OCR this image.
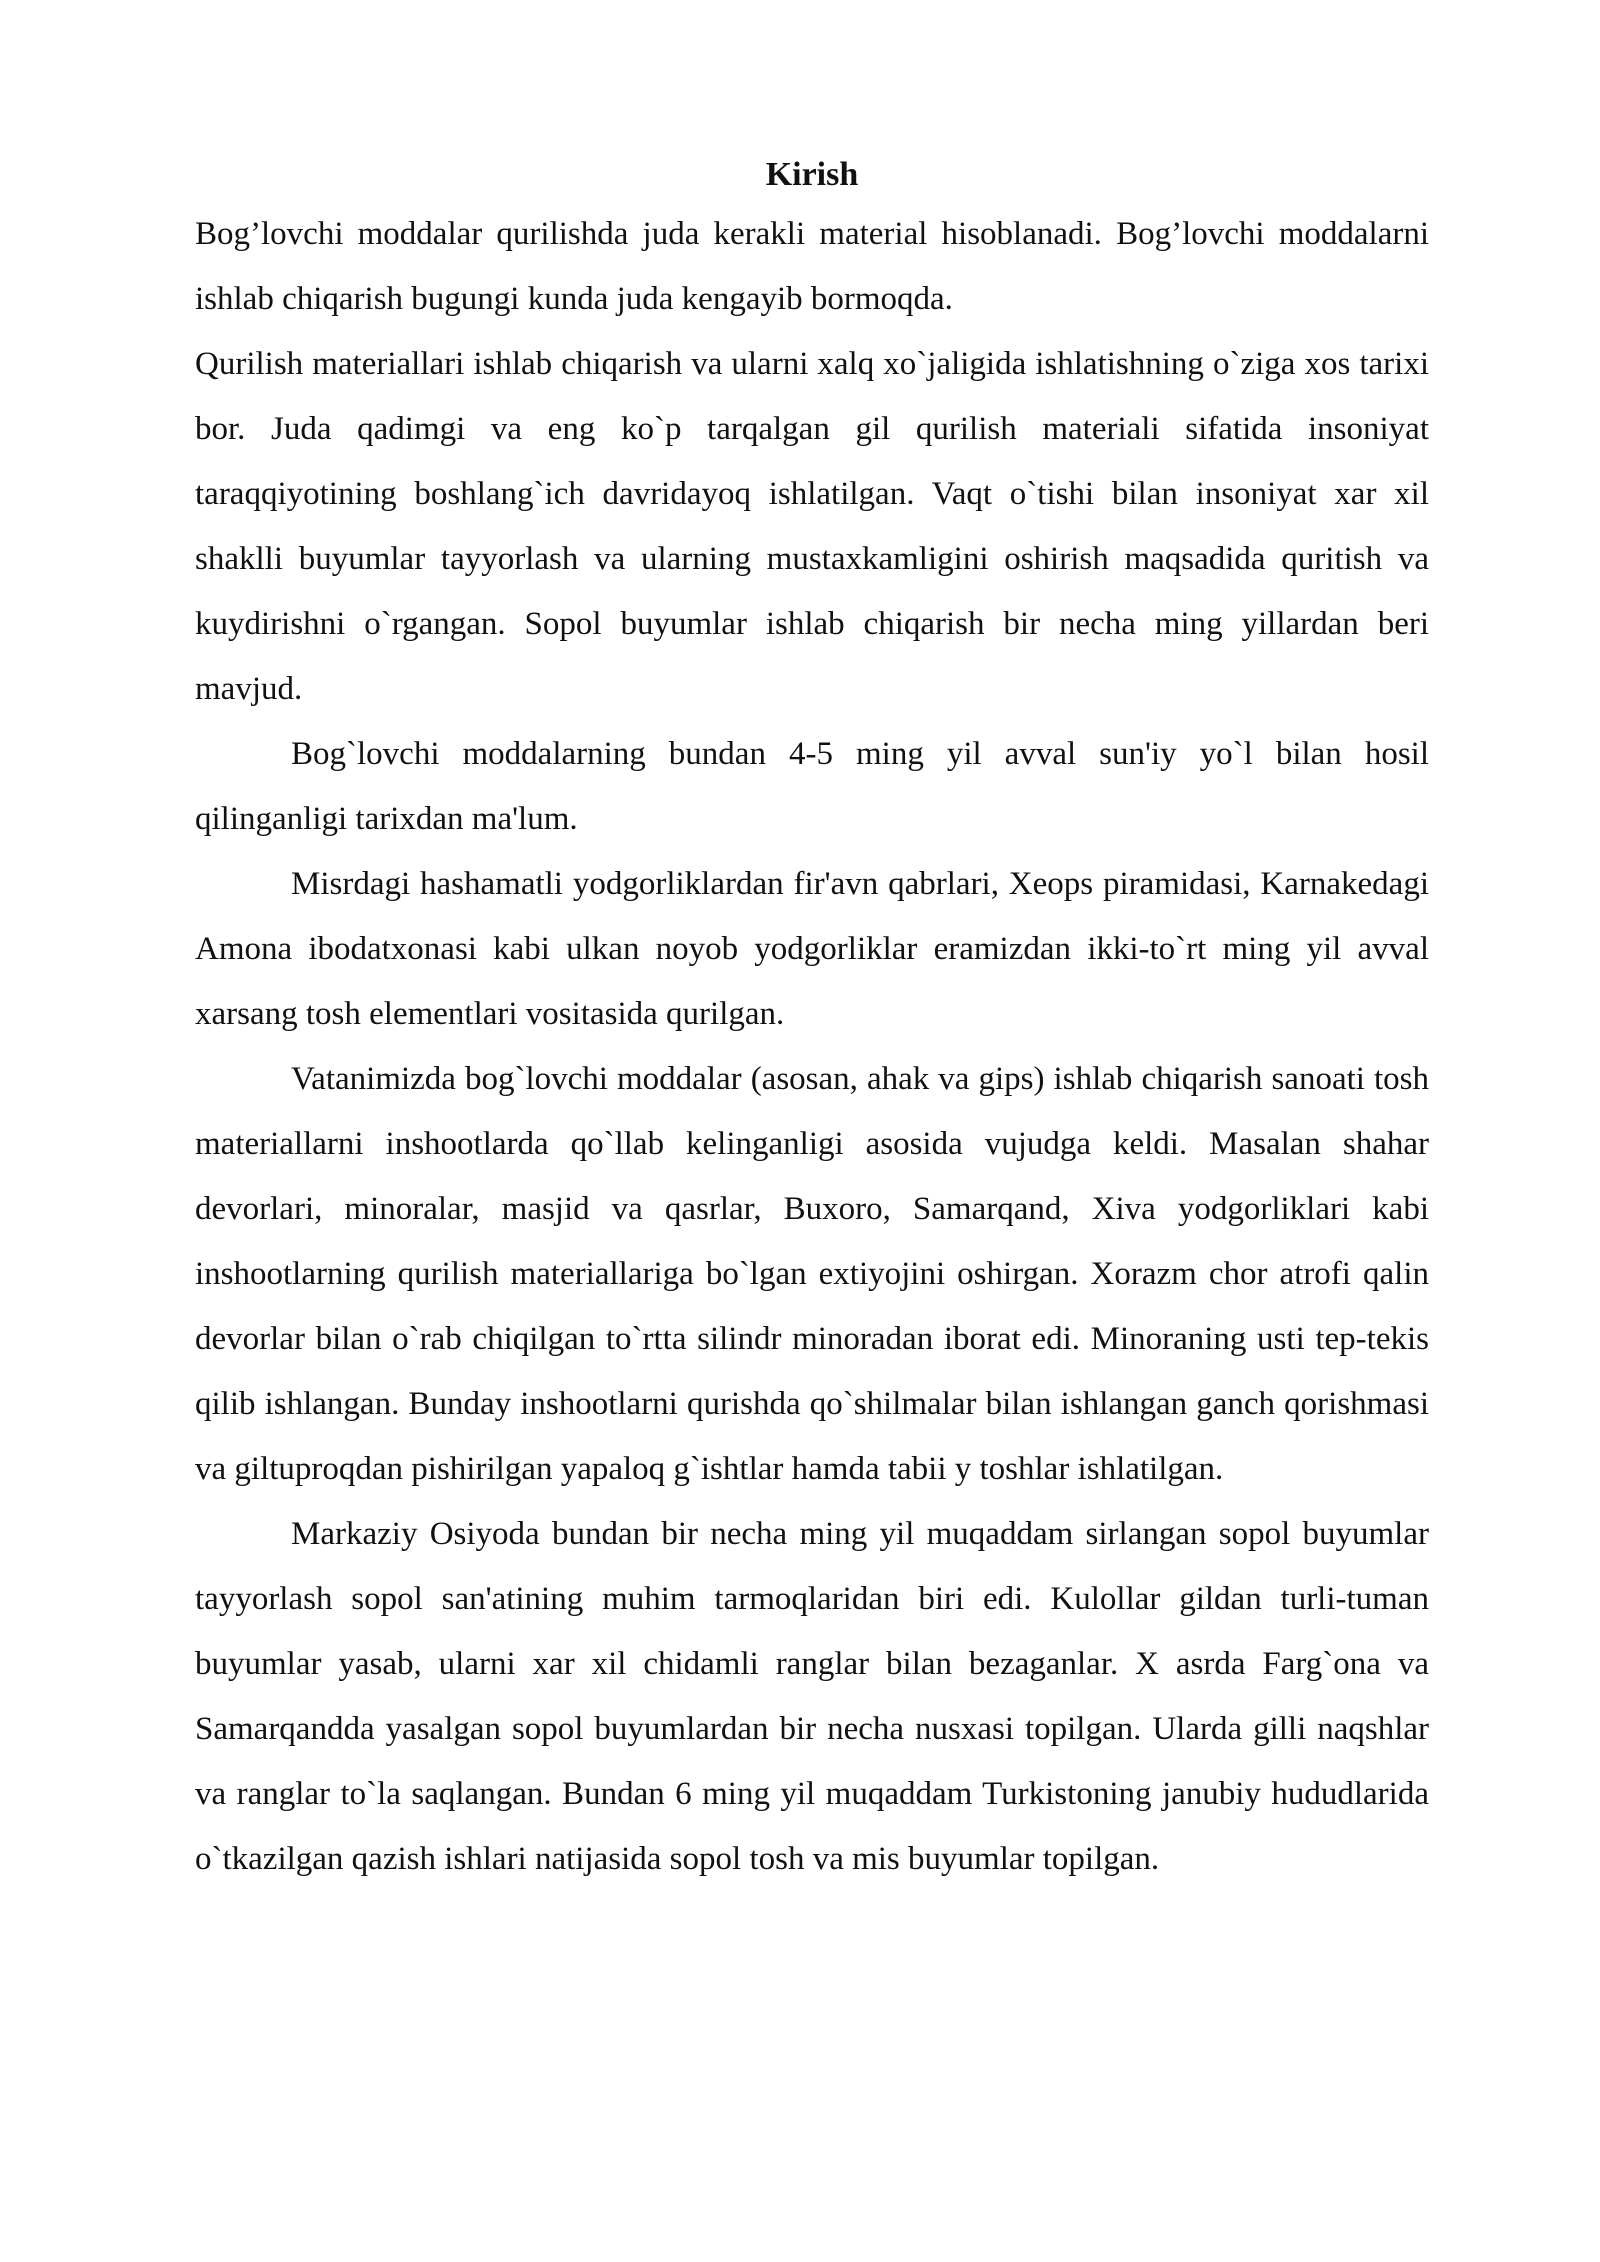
Kirish

Bog’lovchi moddalar qurilishda juda kerakli material hisoblanadi. Bog’lovchi moddalarni ishlab chiqarish bugungi kunda juda kengayib bormoqda.

Qurilish materiallari ishlab chiqarish va ularni xalq xo`jaligida ishlatishning o`ziga xos tarixi bor. Juda qadimgi va eng ko`p tarqalgan gil qurilish materiali sifatida insoniyat taraqqiyotining boshlang`ich davridayoq ishlatilgan. Vaqt o`tishi bilan insoniyat xar xil shaklli buyumlar tayyorlash va ularning mustaxkamligini oshirish maqsadida quritish va kuydirishni o`rgangan. Sopol buyumlar ishlab chiqarish bir necha ming yillardan beri mavjud.

Bog`lovchi moddalarning bundan 4-5 ming yil avval sun'iy yo`l bilan hosil qilinganligi tarixdan ma'lum.

Misrdagi hashamatli yodgorliklardan fir'avn qabrlari, Xeops piramidasi, Karnakedagi Amona ibodatxonasi kabi ulkan noyob yodgorliklar eramizdan ikki-to`rt ming yil avval xarsang tosh elementlari vositasida qurilgan.

Vatanimizda bog`lovchi moddalar (asosan, ahak va gips) ishlab chiqarish sanoati tosh materiallarni inshootlarda qo`llab kelinganligi asosida vujudga keldi. Masalan shahar devorlari, minoralar, masjid va qasrlar, Buxoro, Samarqand, Xiva yodgorliklari kabi inshootlarning qurilish materiallariga bo`lgan extiyojini oshirgan. Xorazm chor atrofi qalin devorlar bilan o`rab chiqilgan to`rtta silindr minoradan iborat edi. Minoraning usti tep-tekis qilib ishlangan. Bunday inshootlarni qurishda qo`shilmalar bilan ishlangan ganch qorishmasi va giltuproqdan pishirilgan yapaloq g`ishtlar hamda tabii y toshlar ishlatilgan.

Markaziy Osiyoda bundan bir necha ming yil muqaddam sirlangan sopol buyumlar tayyorlash sopol san'atining muhim tarmoqlaridan biri edi. Kulollar gildan turli-tuman buyumlar yasab, ularni xar xil chidamli ranglar bilan bezaganlar. X asrda Farg`ona va Samarqandda yasalgan sopol buyumlardan bir necha nusxasi topilgan. Ularda gilli naqshlar va ranglar to`la saqlangan. Bundan 6 ming yil muqaddam Turkistoning janubiy hududlarida o`tkazilgan qazish ishlari natijasida sopol tosh va mis buyumlar topilgan.
